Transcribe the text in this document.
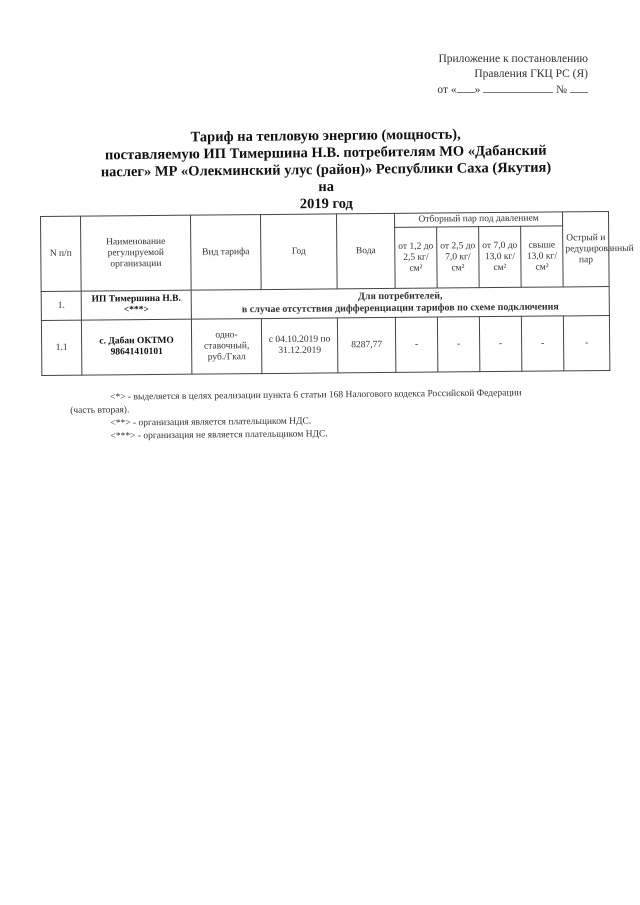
Приложение к постановлению
Правления ГКЦ РС (Я)
от « »	№
Тариф на тепловую энергию (мощность),
поставляемую ИП Тимершина Н.В. потребителям МО «Дабанский
наслег» МР «Олекминский улус (район)» Республики Саха (Якутия) на
2019 год
N п/п	Наименование регулируемой организации	Вид тарифа	Год	Вода	Отборный пар под давлением				Острый и редуцированный пар
					от 1,2 до 2,5 кг/ см²	от 2,5 до 7,0 кг/ см²	от 7,0 до 13,0 кг/ см²	свыше 13,0 кг/ см²	
1.	ИП Тимершина Н.В. <***>	Для потребителей,
в случае отсутствия дифференциации тарифов по схеме подключения							

1.1	с. Дабан ОКТМО 98641410101	одно-ставочный, руб./Гкал	с 04.10.2019 по 31.12.2019	8287,77	-	-	-	-	-

<*> - выделяется в целях реализации пункта 6 статьи 168 Налогового кодекса Российской Федерации

(часть вторая).

<**> - организация является плательщиком НДС.

<***> - организация не является плательщиком НДС.
